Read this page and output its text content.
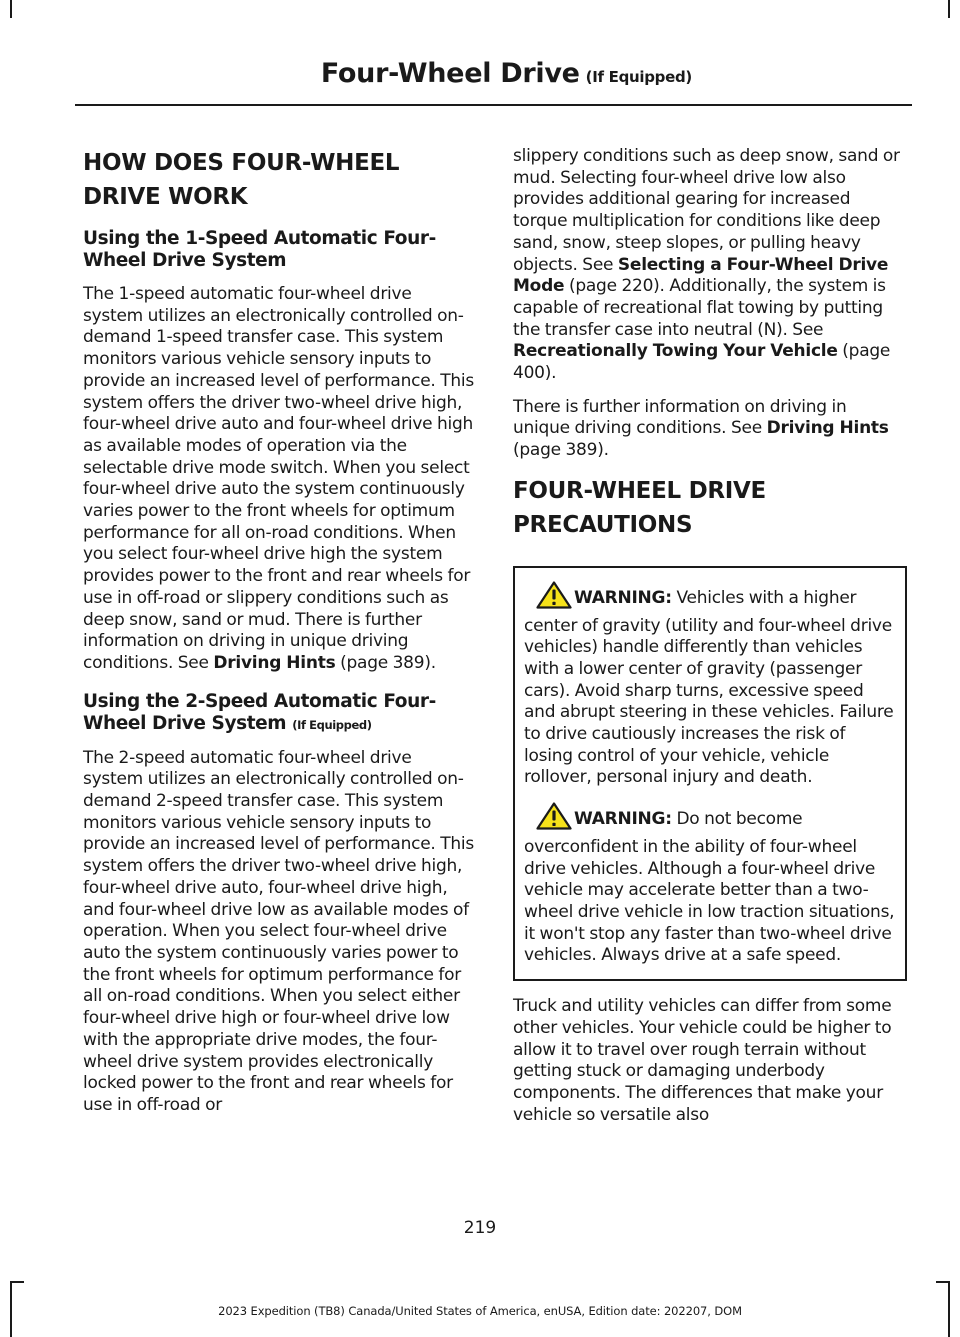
Four-Wheel Drive (If Equipped)
HOW DOES FOUR-WHEEL DRIVE WORK
Using the 1-Speed Automatic Four-Wheel Drive System

The 1-speed automatic four-wheel drive system utilizes an electronically controlled on-demand 1-speed transfer case. This system monitors various vehicle sensory inputs to provide an increased level of performance. This system offers the driver two-wheel drive high, four-wheel drive auto and four-wheel drive high as available modes of operation via the selectable drive mode switch. When you select four-wheel drive auto the system continuously varies power to the front wheels for optimum performance for all on-road conditions. When you select four-wheel drive high the system provides power to the front and rear wheels for use in off-road or slippery conditions such as deep snow, sand or mud. There is further information on driving in unique driving conditions. See Driving Hints (page 389).

Using the 2-Speed Automatic Four-Wheel Drive System (If Equipped)

The 2-speed automatic four-wheel drive system utilizes an electronically controlled on-demand 2-speed transfer case. This system monitors various vehicle sensory inputs to provide an increased level of performance. This system offers the driver two-wheel drive high, four-wheel drive auto, four-wheel drive high, and four-wheel drive low as available modes of operation. When you select four-wheel drive auto the system continuously varies power to the front wheels for optimum performance for all on-road conditions. When you select either four-wheel drive high or four-wheel drive low with the appropriate drive modes, the four-wheel drive system provides electronically locked power to the front and rear wheels for use in off-road or

slippery conditions such as deep snow, sand or mud. Selecting four-wheel drive low also provides additional gearing for increased torque multiplication for conditions like deep sand, snow, steep slopes, or pulling heavy objects. See Selecting a Four-Wheel Drive Mode (page 220). Additionally, the system is capable of recreational flat towing by putting the transfer case into neutral (N). See Recreationally Towing Your Vehicle (page 400).

There is further information on driving in unique driving conditions. See Driving Hints (page 389).

FOUR-WHEEL DRIVE PRECAUTIONS

WARNING: Vehicles with a higher center of gravity (utility and four-wheel drive vehicles) handle differently than vehicles with a lower center of gravity (passenger cars). Avoid sharp turns, excessive speed and abrupt steering in these vehicles. Failure to drive cautiously increases the risk of losing control of your vehicle, vehicle rollover, personal injury and death.

WARNING: Do not become overconfident in the ability of four-wheel drive vehicles. Although a four-wheel drive vehicle may accelerate better than a two-wheel drive vehicle in low traction situations, it won't stop any faster than two-wheel drive vehicles. Always drive at a safe speed.

Truck and utility vehicles can differ from some other vehicles. Your vehicle could be higher to allow it to travel over rough terrain without getting stuck or damaging underbody components. The differences that make your vehicle so versatile also

219
2023 Expedition (TB8) Canada/United States of America, enUSA, Edition date: 202207, DOM
